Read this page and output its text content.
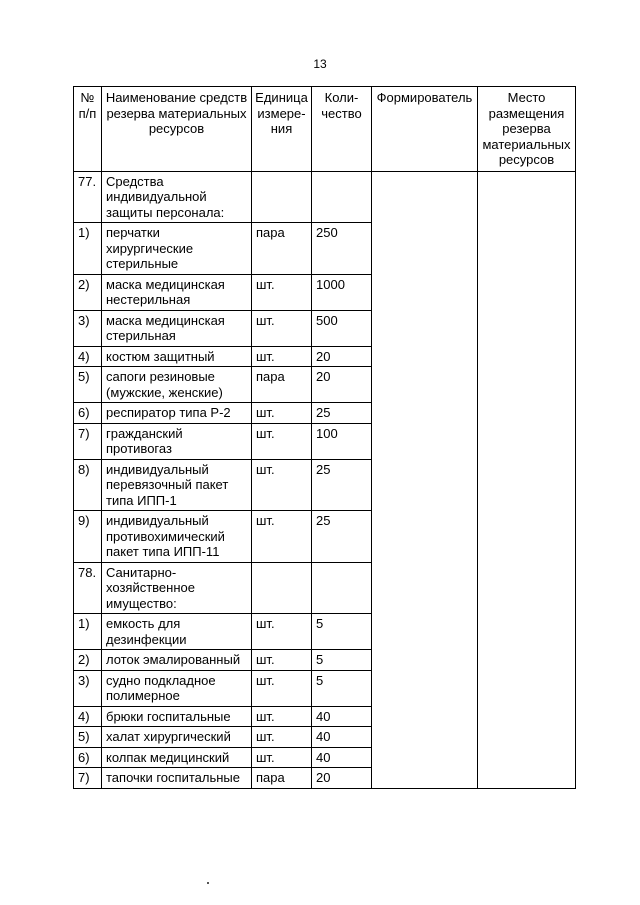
13
№
п/п	Наименование средств резерва материальных ресурсов	Единица измере-ния	Коли-чество	Формирователь	Место размещения резерва материальных ресурсов
77.	Средства индивидуальной защиты персонала:				
1)	перчатки хирургические стерильные	пара	250		
2)	маска медицинская нестерильная	шт.	1000		
3)	маска медицинская стерильная	шт.	500		
4)	костюм защитный	шт.	20		
5)	сапоги резиновые (мужские, женские)	пара	20		
6)	респиратор типа Р-2	шт.	25		
7)	гражданский противогаз	шт.	100		
8)	индивидуальный перевязочный пакет типа ИПП-1	шт.	25		
9)	индивидуальный противохимический пакет типа ИПП-11	шт.	25		
78.	Санитарно-хозяйственное имущество:				
1)	емкость для дезинфекции	шт.	5		
2)	лоток эмалированный	шт.	5		
3)	судно подкладное полимерное	шт.	5		
4)	брюки госпитальные	шт.	40		
5)	халат хирургический	шт.	40		
6)	колпак медицинский	шт.	40		
7)	тапочки госпитальные	пара	20		
